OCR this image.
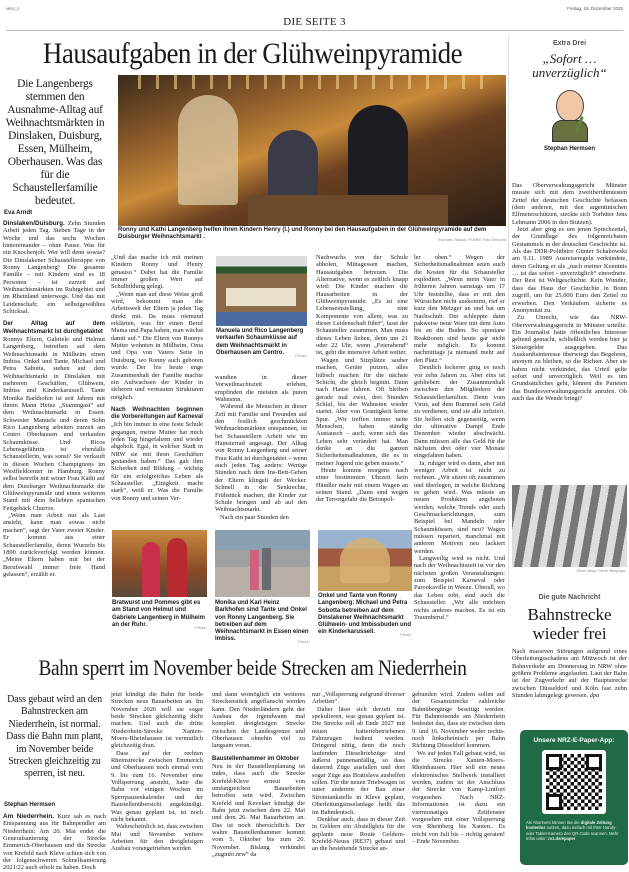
NRG_2	Freitag, 19. Dezember 2025
DIE SEITE 3
Hausaufgaben in der Glühweinpyramide
Die Langenbergs stemmen den Ausnahme-Alltag auf Weihnachtsmärkten in Dinslaken, Duisburg, Essen, Mülheim, Oberhausen. Was das für die Schaustellerfamilie bedeutet.
Eva Arndt
Ronny und Kathi Langenberg helfen ihren Kindern Henry (l.) und Ronny bei den Hausaufgaben in der Glühweinpyramide auf dem Duisburger Weihnachtsmarkt .	Socrates Tassos / FUNKE Foto Services

Dinslaken/Duisburg. Zehn Stunden Arbeit jeden Tag. Sieben Tage in der Woche und das sechs Wochen hintereinander – ohne Pause. Was für ein Knochenjob. Wer will denn sowas? Die Dinslakener Schaustellersippe von Ronny Langenberg! Die gesamte Familie – mit Kindern sind es 18 Personen – ist zurzeit auf Weihnachtsmärkten im Ruhrgebiet und im Rheinland unterwegs. Und das mit Leidenschaft; ein selbstgewähltes Schicksal.

Der Alltag auf dem Weihnachtsmarkt ist durchgetaktet

Ronnys Eltern, Gabriele und Helmut Langenberg, betreiben auf dem Weihnachtsmarkt in Mülheim einen Imbiss. Onkel und Tante, Michael und Petra Sabotta, stehen auf dem Weihnachtsmarkt in Dinslaken mit mehreren Geschäften, Glühwein, Imbiss und Kinderkarussell. Tante Monika Barkhofen ist seit Jahren mit ihrem Mann Heinz „Stammgast“ auf dem Weihnachtsmarkt in Essen. Schwester Manuela und deren Sohn Rico Langenberg arbeiten zurzeit am Centro Oberhausen und verkaufen Schaumküsse. Und Ricos Lebensgefährtin ist ebenfalls Schaustellerin, was sonst? Sie verkauft in diesen Wochen Champignons im Westfieldcenter in Hamburg. Ronny selbst betreibt mit seiner Frau Kathi auf dem Duisburger Weihnachtsmarkt die Glühweinpyramide und einen weiteren Stand mit dem beliebten spanischen Fettgebäck Churros.

„Wenn man Arbeit nur als Last ansieht, kann man sowas nicht machen“, sagt der Vater zweier Kinder. Er kommt aus einer Schaustellerfamilie, deren Wurzeln bis 1890 zurückverfolgt werden können. „Meine Eltern haben mir bei der Berufswahl immer freie Hand gelassen“, erzählt er.

„Und das mache ich mit meinen Kindern Ronny und Henry genauso.“ Dabei hat die Familie immer großen Wert auf Schulbildung gelegt.

„Wenn man auf diese Weise groß wird, bekommt man die Arbeitswelt der Eltern ja jeden Tag direkt mit. Da muss niemand erklärten, was für einen Beruf Mama und Papa haben, man wächst damit auf.“ Die Eltern von Ronnys Mutter wohnten in Mülheim, Oma und Opa von Vaters Seite in Duisburg, wo Ronny auch geboren wurde. Der bis heute enge Zusammenhalt der Familie machte ein Aufwachsen der Kinder in sicheren und vertrauten Strukturen möglich.

Nach Weihnachten beginnen die Vorbereitungen auf Karneval

„Ich bin immer in eine feste Schule gegangen, meine Mutter hat mich jeden Tag hingefahren und wieder abgeholt. Egal, in welcher Stadt in NRW sie mit ihren Geschäften gestanden haben.“ Das gab ihm Sicherheit und Bildung – wichtig für ein erfolgreiches Leben als Schausteller. „Einigkeit macht stark“, weiß er. Was die Familie von Ronny und seinen Ver-

Bratwurst und Pommes gibt es am Stand von Helmut und Gabriele Langenberg in Mülheim an der Ruhr.	Privat /
Manuela und Rico Langenberg verkaufen Schaumküsse auf dem Weihnachtsmarkt in Oberhausen am Centro.	Privat /

wandten in dieser Vorweihnachtszeit erleben, empfinden die meisten als puren Wahnsinn.

Während die Menschen in dieser Zeit mit Familie und Freunden auf den festlich geschmückten Weihnachtsmärkten entspannen, ist bei Schaustellern Arbeit wie im Hamsterrad angesagt. Der Alltag von Ronny Langenberg und seiner Frau Kathi ist durchgetaktet – wenn auch jeden Tag anders: Wenige Stunden nach dem Ins-Bett-Gehen der Eltern klingelt der Wecker. Schnell in die Senkrechte, Frühstück machen, die Kinder zur Schule bringen und ab auf den Weihnachtsmarkt.

Nach ein paar Stunden den

Monika und Karl Heinz Barkhofen sind Tante und Onkel von Ronny Langenberg. Sie betreiben auf dem Weihnachtsmarkt in Essen einen Imbiss.	Privat /

Nachwuchs von der Schule abholen, Mittagessen machen, Hausaufgaben betreuen. Die Alternative, wenn es zeitlich knapp wird: Die Kinder machen die Hausarbeiten in der Glühweinpyramide. „Es ist eine Lebenseinstellung, eine Komponente von allem, was zu dieser Leidenschaft führt“, fasst der Schausteller zusammen. Man muss dieses Leben lieben, denn um 21 oder 22 Uhr, wenn „Feierabend“ ist, geht die intensive Arbeit weiter.

Wagen und Sitzplätze sauber machen, Geräte putzen, alles hübsch machen für die nächste Schicht, die gleich beginnt. Dann nach Hause fahren. Oft bleiben gerade mal zwei, drei Stunden Schlaf, bis der Wahnsinn wieder startet. Aber von Grantigkeit keine Spur. „Wir treffen immer nette Menschen, haben ständig Austausch – auch, wenn sich das Leben sehr verändert hat. Man denke an die ganzen Sicherheitsmaßnahmen, die es in meiner Jugend nie geben musste.“

Heute komme morgens nach einer bestimmten Uhrzeit kein Händler mehr mit einem Wagen an seinen Stand. „Dann sind wegen der Terrorgefahr die Betonpol-

Onkel und Tante von Ronny Langenberg: Michael und Petra Sobotta betreiben auf dem Dinslakener Weihnachtsmarkt Glühwein- und Imbissbuden und ein Kinderkarussell.	Privat /

ler oben.“ Wegen der Sicherheitsmaßnahmen seien auch die Kosten für die Schausteller explodiert. „Wenn mein Vater in früheren Jahren samstags um 17 Uhr feststellte, dass er mit den Würstchen nicht auskommt, rief er kurz den Metzger an und bat um Nachschub. Der schleppte dann pakweise neue Ware mit dem Auto bis an die Buden. So spontane Reaktionen sind heute gar nicht mehr möglich. Es kommt nachmittags ja niemand mehr auf den Platz.“

Deutlich lockerer ging es noch vor zehn Jahren zu. Aber eins ist geblieben: der Zusammenhalt zwischen den Mitgliedern der Schaustellerfamilien. Denn vom Virus, auf dem Rummel sein Geld zu verdienen, sind sie alle infiziert. Sie helfen sich gegenseitig, wenn der ultimative Dampf Ende Dezember wieder abschwächt. Dann müssen alle das Geld für die nächsten drei oder vier Monate eingefahren haben.

Ja, ruhiger wird es dann, aber mit weniger Arbeit ist nicht zu rechnen. „Wir sitzen oft zusammen und überlegen, in welche Richtung es gehen wird. Was müsste an neuen Produkten angeboten werden, welche Trends oder auch Geschmacksrichtungen, zum Beispiel bei Mandeln oder Schaumküssen, sind neu? Wagen müssen repariert, manchmal mit anderen Motiven neu lackiert werden.

Langweilig wird es nicht. Und nach der Weihnachtszeit ist vor den nächsten großen Veranstaltungen: zum Beispiel Karneval oder Parookaville in Weeze. Überall, wo das Leben tobt, sind auch die Schausteller. „Wir alle möchten nichts anderes machen. Es ist ein Traumberuf.“

Extra Drei
„Sofort … unverzüglich“
Stephan Hermsen

Das Oberverwaltungsgericht Münster musste sich mit dem zweitberühmtesten Zettel der deutschen Geschichte befassen (dem anderen, mit den argentinischen Elfmeterschützen, steckte sich Torhüter Jens Lehmann 2006 in den Stutzen).

Jetzt aber ging es um jenen Sprechzettel, der Grundlage des folgenreichsten Gestammels in der deutschen Geschichte ist. Als das DDR-Politbüro Günter Schabowski am 9.11. 1989 Ausreiseregeln verkündete, deren Geltung er als „nach meiner Kenntnis … ist das sofort - unverzüglich“ einordnete. Der Rest ist Weltgeschichte. Kein Wunder, dass das Haus der Geschichte in Bonn zugriff, um für 25.000 Euro den Zettel zu erwerben. Den Verkäufern sicherte es Anonymität zu.

Zu Unrecht, wie das NRW-Oberverwaltungsgericht in Münster urteilte. Ein Journalist hatte öffentliches Interesse geltend gemacht, schließlich werden hier ja Steuergelder ausgegeben. Das Auskunftsinteresse überwiegt das Begehren, anonym zu bleiben, so die Richter. Aber sie haben nicht verkündet, das Urteil gelte sofort und unverzüglich. Weil es um Grundsätzliches geht, können die Parteien das Bundesverwaltungsgericht anrufen. Ob auch das die Wende bringt?

Oliver Berg / Oliver Berg/dpa
Die gute Nachricht
Bahnstrecke wieder frei

Nach massiven Störungen aufgrund eines Oberleitungsschadens am Mittwoch ist der Bahnverkehr am Donnerstag in NRW ohne größere Probleme angelaufen. Laut der Bahn ist der Zugverkehr auf der Hauptstrecke zwischen Düsseldorf und Köln fast zehn Stunden lahmgelegt gewesen. dpa

Unsere NRZ-E-Paper-App:
Als Abonnent können Sie die digitale Zeitung kostenlos nutzen, dazu einfach mit Ihrer Handy- oder Tablet-Kamera den QR-Code scannen. Mehr Infos unter: nrz.de/epaper
Bahn sperrt im November beide Strecken am Niederrhein
Dass gebaut wird an den Bahnstrecken am Niederrhein, ist normal. Dass die Bahn nun plant, im November beide Strecken gleichzeitig zu sperren, ist neu.
Stephan Hermsen

Am Niederrhein. Kurz sah es nach Entspannung aus für Bahnpendler am Niederrhein: Am 20. Mai endet die Generalsanierung der Strecke Emmerich-Oberhausen und die Strecke von Krefeld nach Kleve schien sich von der folgenschweren Schnellsanierung 2021/22 auch erholt zu haben. Doch

jetzt kündigt die Bahn für beide Strecken neue Bauarbeiten an. Im November 2026 will sie sogar beide Strecken gleichzeitig dicht machen. Und auch die dritte Niederrhein-Strecke Xanten-Moers-Rheinhausen ist vermutlich gleichzeitig dran.

Dass auf der rechten Rheinstrecke zwischen Emmerich und Oberhausen noch einmal vom 9. bis zum 16. November eine Vollsperrung ansteht, hatte die Bahn vor einigen Wochen im Sperrpausenkalender und der Baustellenübersicht angekündigt. Was genau geplant ist, ist noch nicht bekannt.

Wahrscheinlich ist, dass zwischen Mai und November weitere Arbeiten für den dreigleisigen Ausbau vorangetrieben werden

und dann womöglich ein weiteres Streckenstück angeflanscht werden kann. Den Niederländern geht der Ausbau der irgendwann mal komplett dreigleisigen Strecke zwischen der Landesgrenze und Oberhausen ohnehin viel zu langsam voran.

Baustellenhammer im Oktober

Neu in der Baustellenplanung ist indes, dass auch die Strecke Krefeld-Kleve erneut von umfangreichen Bauarbeiten betroffen sein wird. Zwischen Krefeld und Kevelaer kündigt die Bahn jetzt zwischen dem 22. Mai und dem 26. Mai Bauarbeiten an. Das ist noch übersichtlich. Der wahre Baustellenhammer kommt vom 5. Oktober bis zum 20. November. Bislang verkündet „zuginfo.nrw“ da

nur „Vollsperrung aufgrund diverser Arbeiten“.

Daher lässt sich derzeit nur spekulieren, was genau geplant ist. Die Strecke soll ab Ende 2027 mit neuen batteriebetriebenen Fahrzeugen bedient werden. Dringend nötig, denn die noch laufenden Dieseltriebzüge sind äußerst pannenanfällig, so dass dauernd Züge ausfallen und dort sogar Züge aus Bratislava aushelfen sollen. Für die neuen Triebwagen ist unter anderem der Bau einer Stromtankstelle in Kleve geplant, Oberleitungsinselanlage heißt das im Bahndeutsch.

Denkbar auch, dass in dieser Zeit in Geldern ein Abstellgleis für die geplante neue Route Geldern-Krefeld-Neuss (RE37) gebaut und an die bestehende Strecke an-

gebunden wird. Zudem sollen auf der Gesamtstrecke zahlreiche Bahnübergänge beseitigt werden. Für Bahnreisende am Niederrhein bedeutet das, dass sie zwischen dem 9. und 16. November weder rechts- noch linksrheinisch per Bahn Richtung Düsseldorf kommen.

Wo auf jeden Fall gebaut wird, ist die Strecke Xanten-Moers-Rheinhausen. Hier soll ein neues elektronisches Stellwerk installiert werden, zudem ist der Anschluss der Strecke von Kamp-Lintfort vorgesehen. Nach NRZ-Informationen ist dazu ein viermonatiges Zeitfenster vorgesehen mit einer Vollsperrung von Rheinberg bis Xanten.. Es reicht von Juli bis – richtig geraten! – Ende November.
